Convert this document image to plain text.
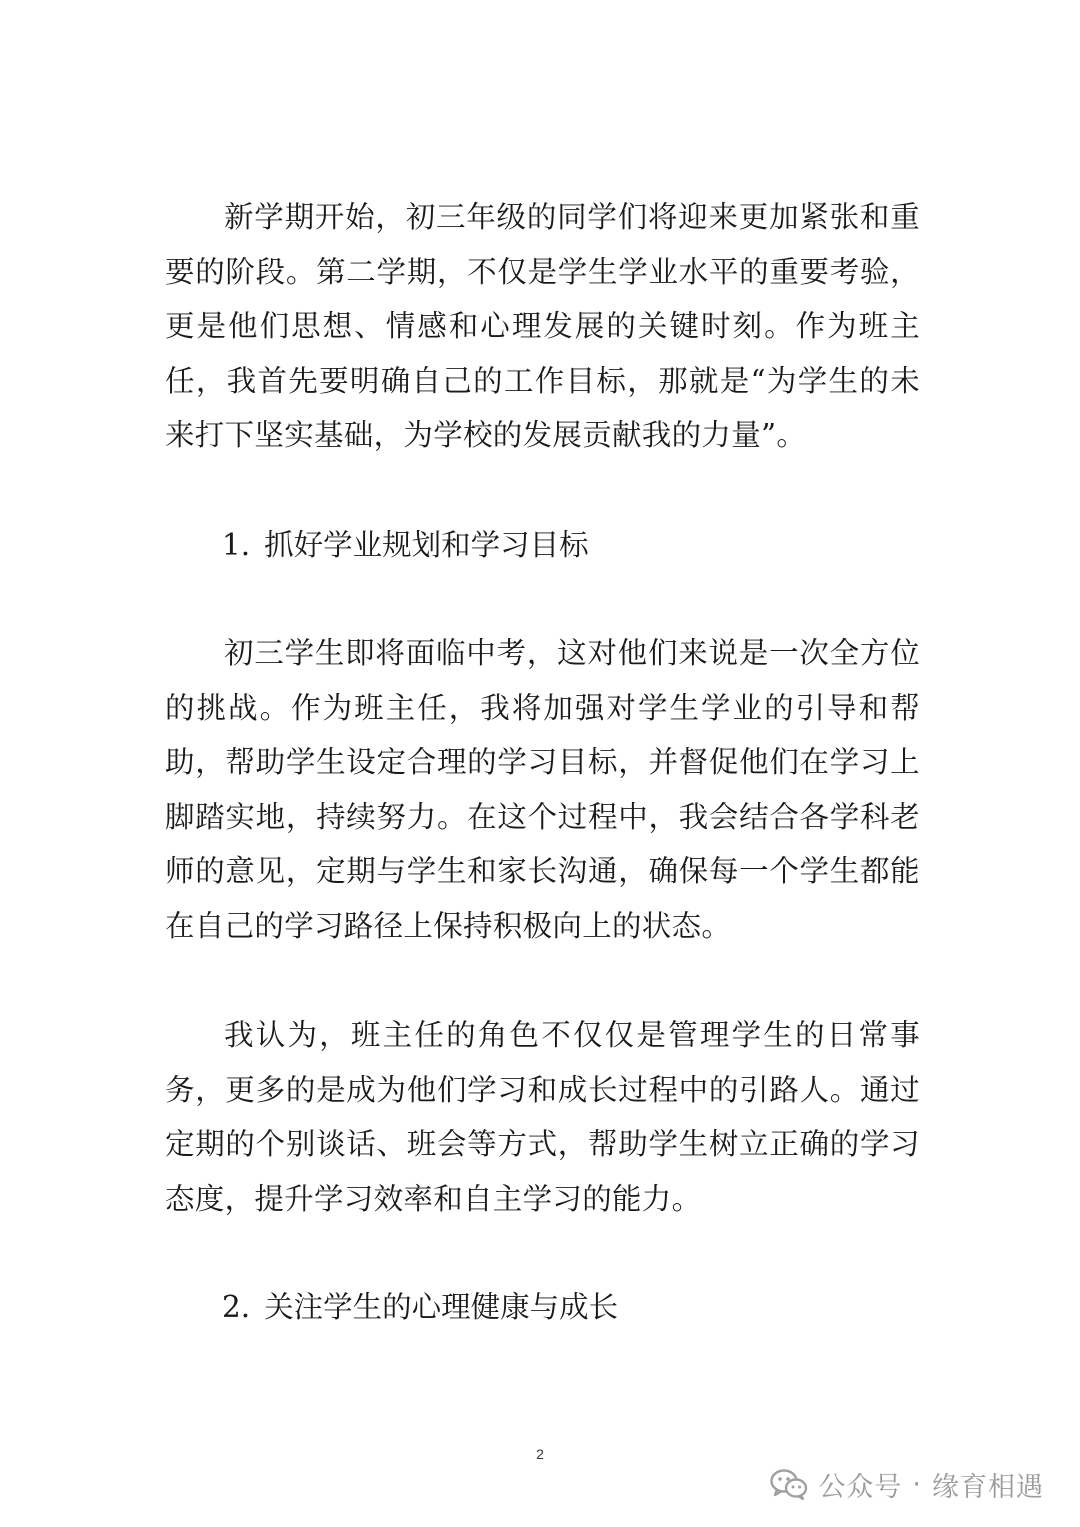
新学期开始，初三年级的同学们将迎来更加紧张和重要的阶段。第二学期，不仅是学生学业水平的重要考验，更是他们思想、情感和心理发展的关键时刻。作为班主任，我首先要明确自己的工作目标，那就是“为学生的未来打下坚实基础，为学校的发展贡献我的力量”。

1. 抓好学业规划和学习目标

初三学生即将面临中考，这对他们来说是一次全方位的挑战。作为班主任，我将加强对学生学业的引导和帮助，帮助学生设定合理的学习目标，并督促他们在学习上脚踏实地，持续努力。在这个过程中，我会结合各学科老师的意见，定期与学生和家长沟通，确保每一个学生都能在自己的学习路径上保持积极向上的状态。

我认为，班主任的角色不仅仅是管理学生的日常事务，更多的是成为他们学习和成长过程中的引路人。通过定期的个别谈话、班会等方式，帮助学生树立正确的学习态度，提升学习效率和自主学习的能力。

2. 关注学生的心理健康与成长
2
公众号 · 缘育相遇
